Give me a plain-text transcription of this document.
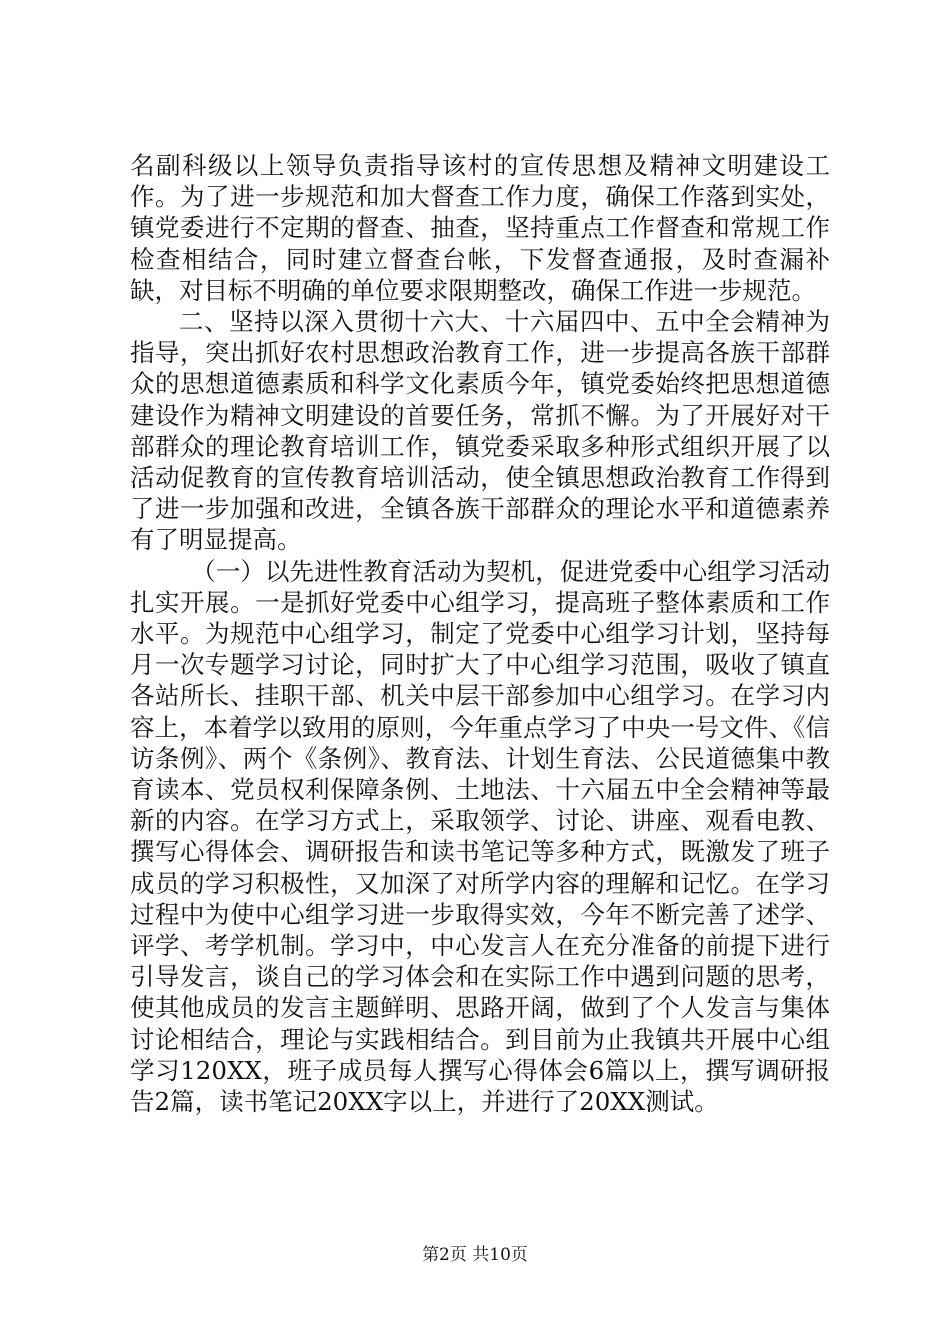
名副科级以上领导负责指导该村的宣传思想及精神文明建设工作。为了进一步规范和加大督查工作力度，确保工作落到实处，镇党委进行不定期的督查、抽查，坚持重点工作督查和常规工作检查相结合，同时建立督查台帐，下发督查通报，及时查漏补缺，对目标不明确的单位要求限期整改，确保工作进一步规范。

二、坚持以深入贯彻十六大、十六届四中、五中全会精神为指导，突出抓好农村思想政治教育工作，进一步提高各族干部群众的思想道德素质和科学文化素质今年，镇党委始终把思想道德建设作为精神文明建设的首要任务，常抓不懈。为了开展好对干部群众的理论教育培训工作，镇党委采取多种形式组织开展了以活动促教育的宣传教育培训活动，使全镇思想政治教育工作得到了进一步加强和改进，全镇各族干部群众的理论水平和道德素养有了明显提高。

（一）以先进性教育活动为契机，促进党委中心组学习活动扎实开展。一是抓好党委中心组学习，提高班子整体素质和工作水平。为规范中心组学习，制定了党委中心组学习计划，坚持每月一次专题学习讨论，同时扩大了中心组学习范围，吸收了镇直各站所长、挂职干部、机关中层干部参加中心组学习。在学习内容上，本着学以致用的原则，今年重点学习了中央一号文件、《信访条例》、两个《条例》、教育法、计划生育法、公民道德集中教育读本、党员权利保障条例、土地法、十六届五中全会精神等最新的内容。在学习方式上，采取领学、讨论、讲座、观看电教、撰写心得体会、调研报告和读书笔记等多种方式，既激发了班子成员的学习积极性，又加深了对所学内容的理解和记忆。在学习过程中为使中心组学习进一步取得实效，今年不断完善了述学、评学、考学机制。学习中，中心发言人在充分准备的前提下进行引导发言，谈自己的学习体会和在实际工作中遇到问题的思考，使其他成员的发言主题鲜明、思路开阔，做到了个人发言与集体讨论相结合，理论与实践相结合。到目前为止我镇共开展中心组学习120XX，班子成员每人撰写心得体会6篇以上，撰写调研报告2篇，读书笔记20XX字以上，并进行了20XX测试。

第2页 共10页
